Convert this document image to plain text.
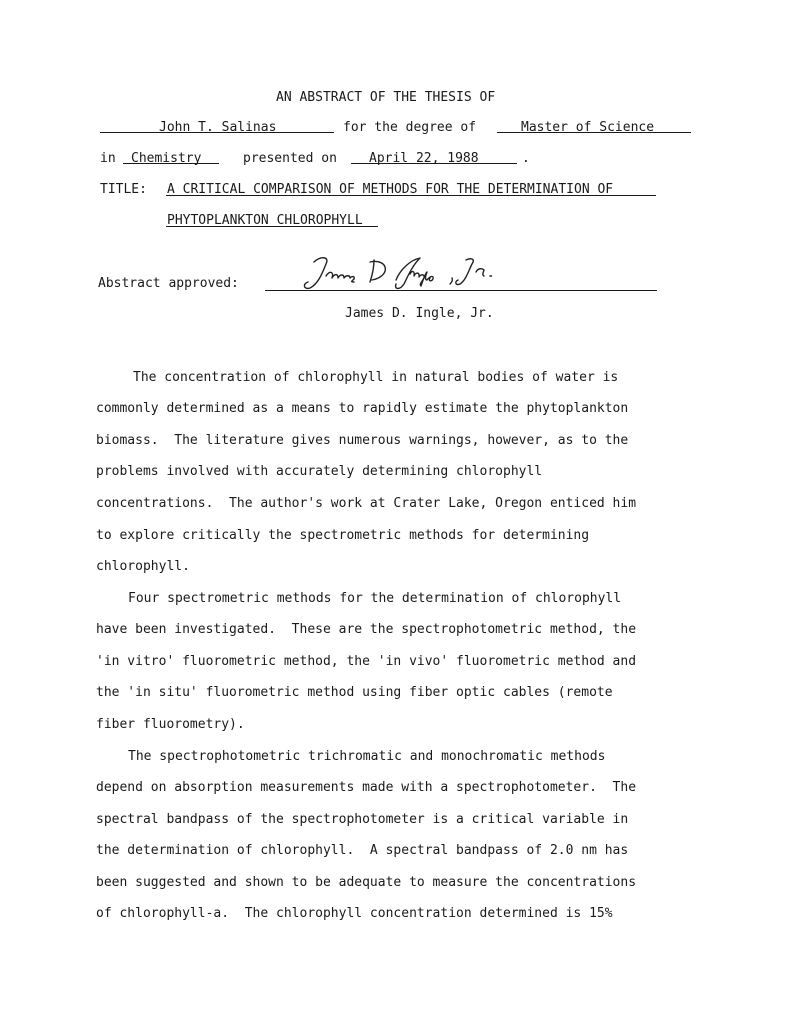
AN ABSTRACT OF THE THESIS OF
John T. Salinas	for the degree of	Master of Science
in Chemistry	presented on April 22, 1988	.
TITLE: A CRITICAL COMPARISON OF METHODS FOR THE DETERMINATION OF
PHYTOPLANKTON CHLOROPHYLL
Abstract approved:
James D. Ingle, Jr.
The concentration of chlorophyll in natural bodies of water is
commonly determined as a means to rapidly estimate the phytoplankton
biomass.  The literature gives numerous warnings, however, as to the
problems involved with accurately determining chlorophyll
concentrations.  The author's work at Crater Lake, Oregon enticed him
to explore critically the spectrometric methods for determining
chlorophyll.
Four spectrometric methods for the determination of chlorophyll
have been investigated.  These are the spectrophotometric method, the
'in vitro' fluorometric method, the 'in vivo' fluorometric method and
the 'in situ' fluorometric method using fiber optic cables (remote
fiber fluorometry).
The spectrophotometric trichromatic and monochromatic methods
depend on absorption measurements made with a spectrophotometer.  The
spectral bandpass of the spectrophotometer is a critical variable in
the determination of chlorophyll.  A spectral bandpass of 2.0 nm has
been suggested and shown to be adequate to measure the concentrations
of chlorophyll-a.  The chlorophyll concentration determined is 15%
